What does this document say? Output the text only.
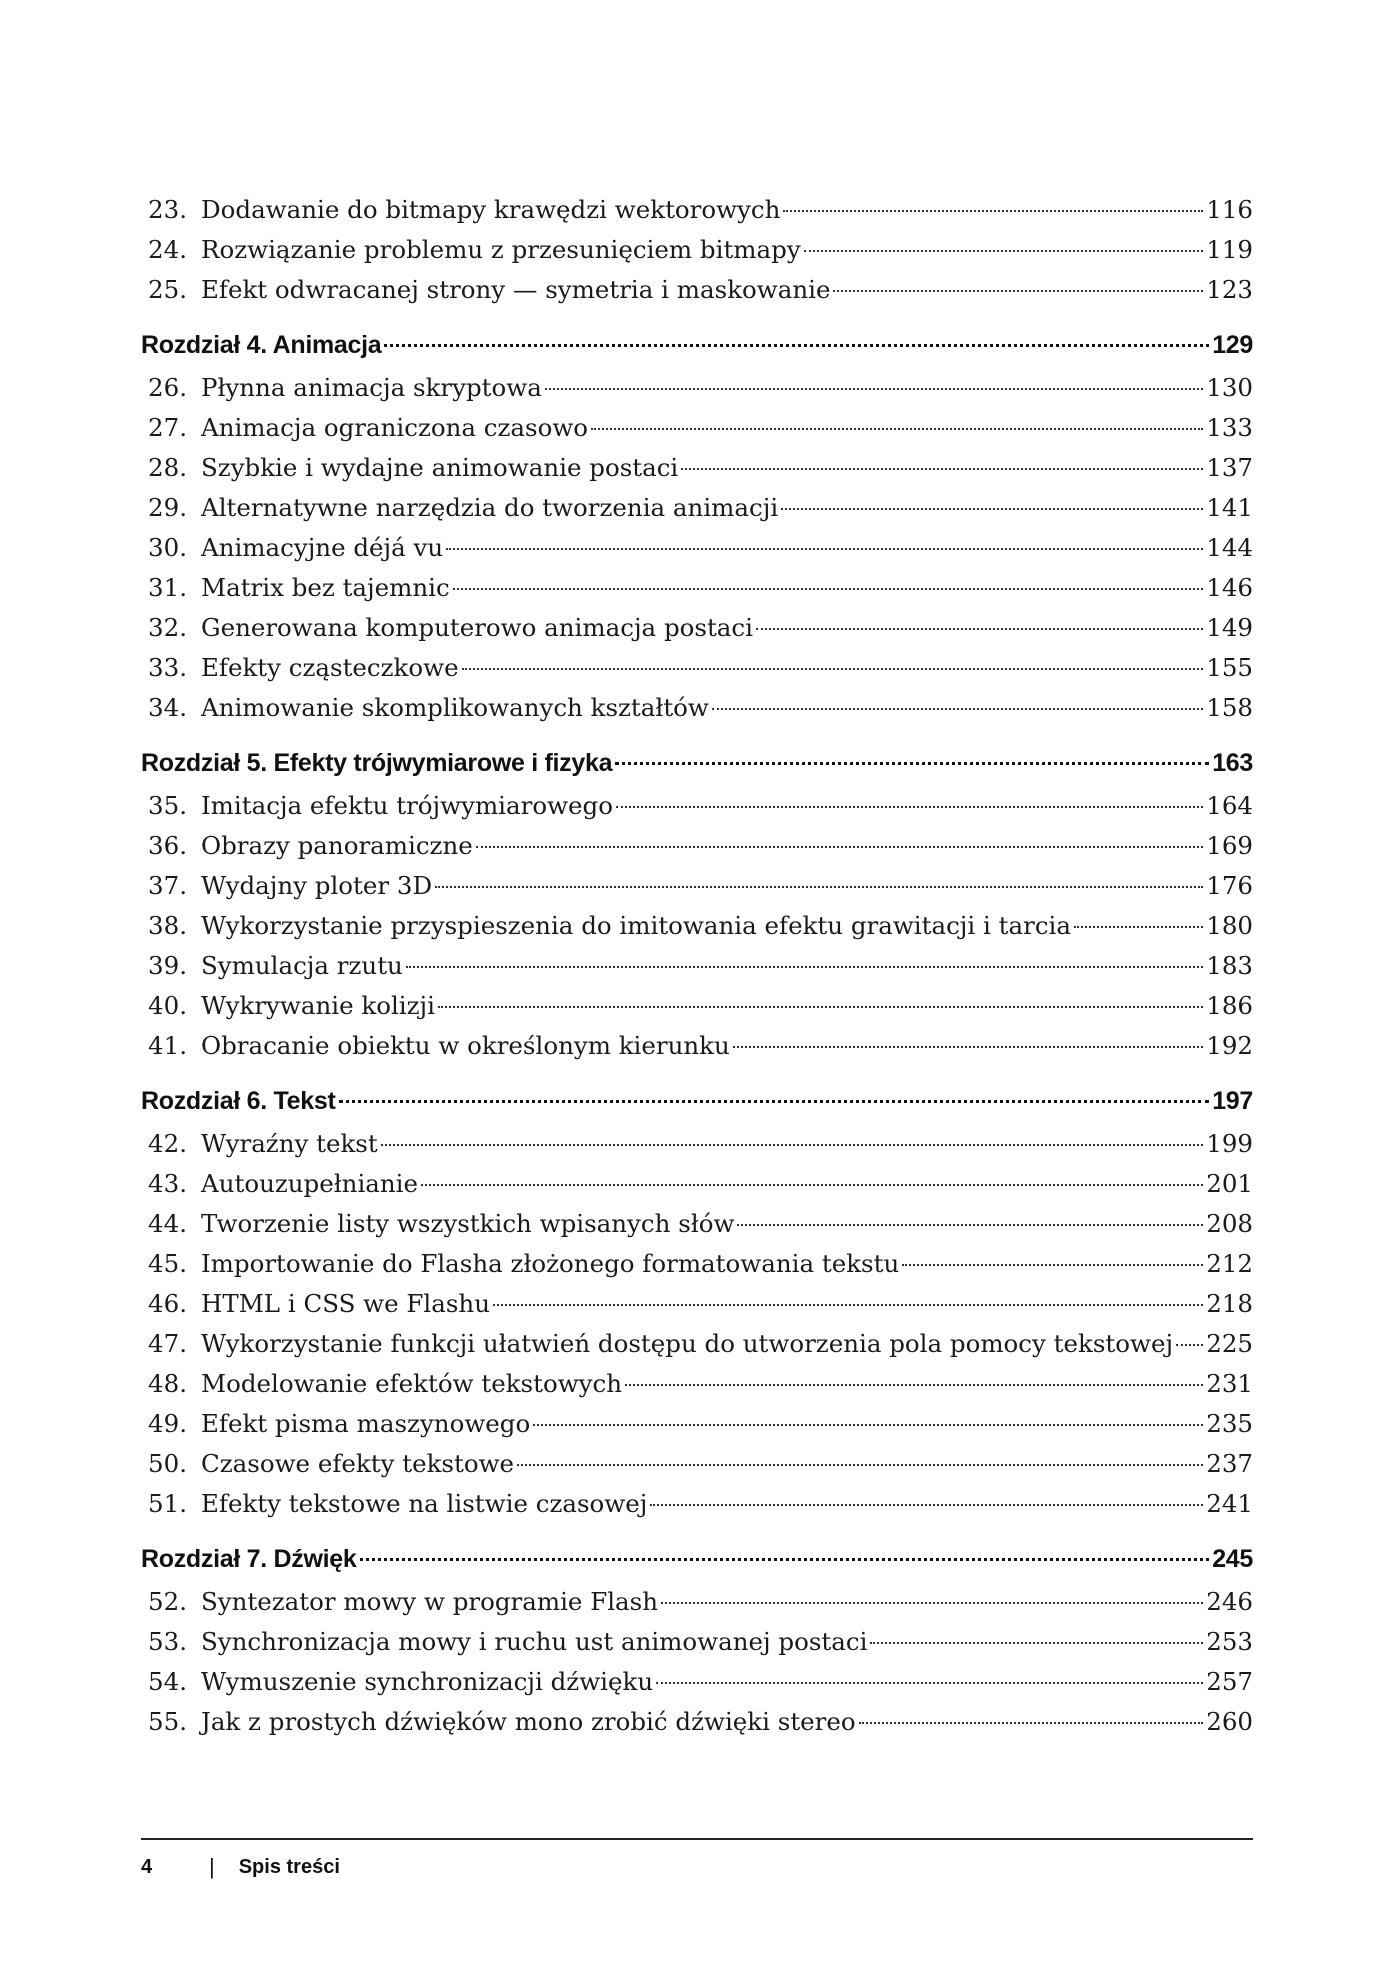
23. Dodawanie do bitmapy krawędzi wektorowych	116
24. Rozwiązanie problemu z przesunięciem bitmapy	119
25. Efekt odwracanej strony — symetria i maskowanie	123
Rozdział 4. Animacja	129
26. Płynna animacja skryptowa	130
27. Animacja ograniczona czasowo	133
28. Szybkie i wydajne animowanie postaci	137
29. Alternatywne narzędzia do tworzenia animacji	141
30. Animacyjne déjá vu	144
31. Matrix bez tajemnic	146
32. Generowana komputerowo animacja postaci	149
33. Efekty cząsteczkowe	155
34. Animowanie skomplikowanych kształtów	158
Rozdział 5. Efekty trójwymiarowe i fizyka	163
35. Imitacja efektu trójwymiarowego	164
36. Obrazy panoramiczne	169
37. Wydajny ploter 3D	176
38. Wykorzystanie przyspieszenia do imitowania efektu grawitacji i tarcia	180
39. Symulacja rzutu	183
40. Wykrywanie kolizji	186
41. Obracanie obiektu w określonym kierunku	192
Rozdział 6. Tekst	197
42. Wyraźny tekst	199
43. Autouzupełnianie	201
44. Tworzenie listy wszystkich wpisanych słów	208
45. Importowanie do Flasha złożonego formatowania tekstu	212
46. HTML i CSS we Flashu	218
47. Wykorzystanie funkcji ułatwień dostępu do utworzenia pola pomocy tekstowej 225
48. Modelowanie efektów tekstowych	231
49. Efekt pisma maszynowego	235
50. Czasowe efekty tekstowe	237
51. Efekty tekstowe na listwie czasowej	241
Rozdział 7. Dźwięk	245
52. Syntezator mowy w programie Flash	246
53. Synchronizacja mowy i ruchu ust animowanej postaci	253
54. Wymuszenie synchronizacji dźwięku	257
55. Jak z prostych dźwięków mono zrobić dźwięki stereo	260
4	| Spis treści
